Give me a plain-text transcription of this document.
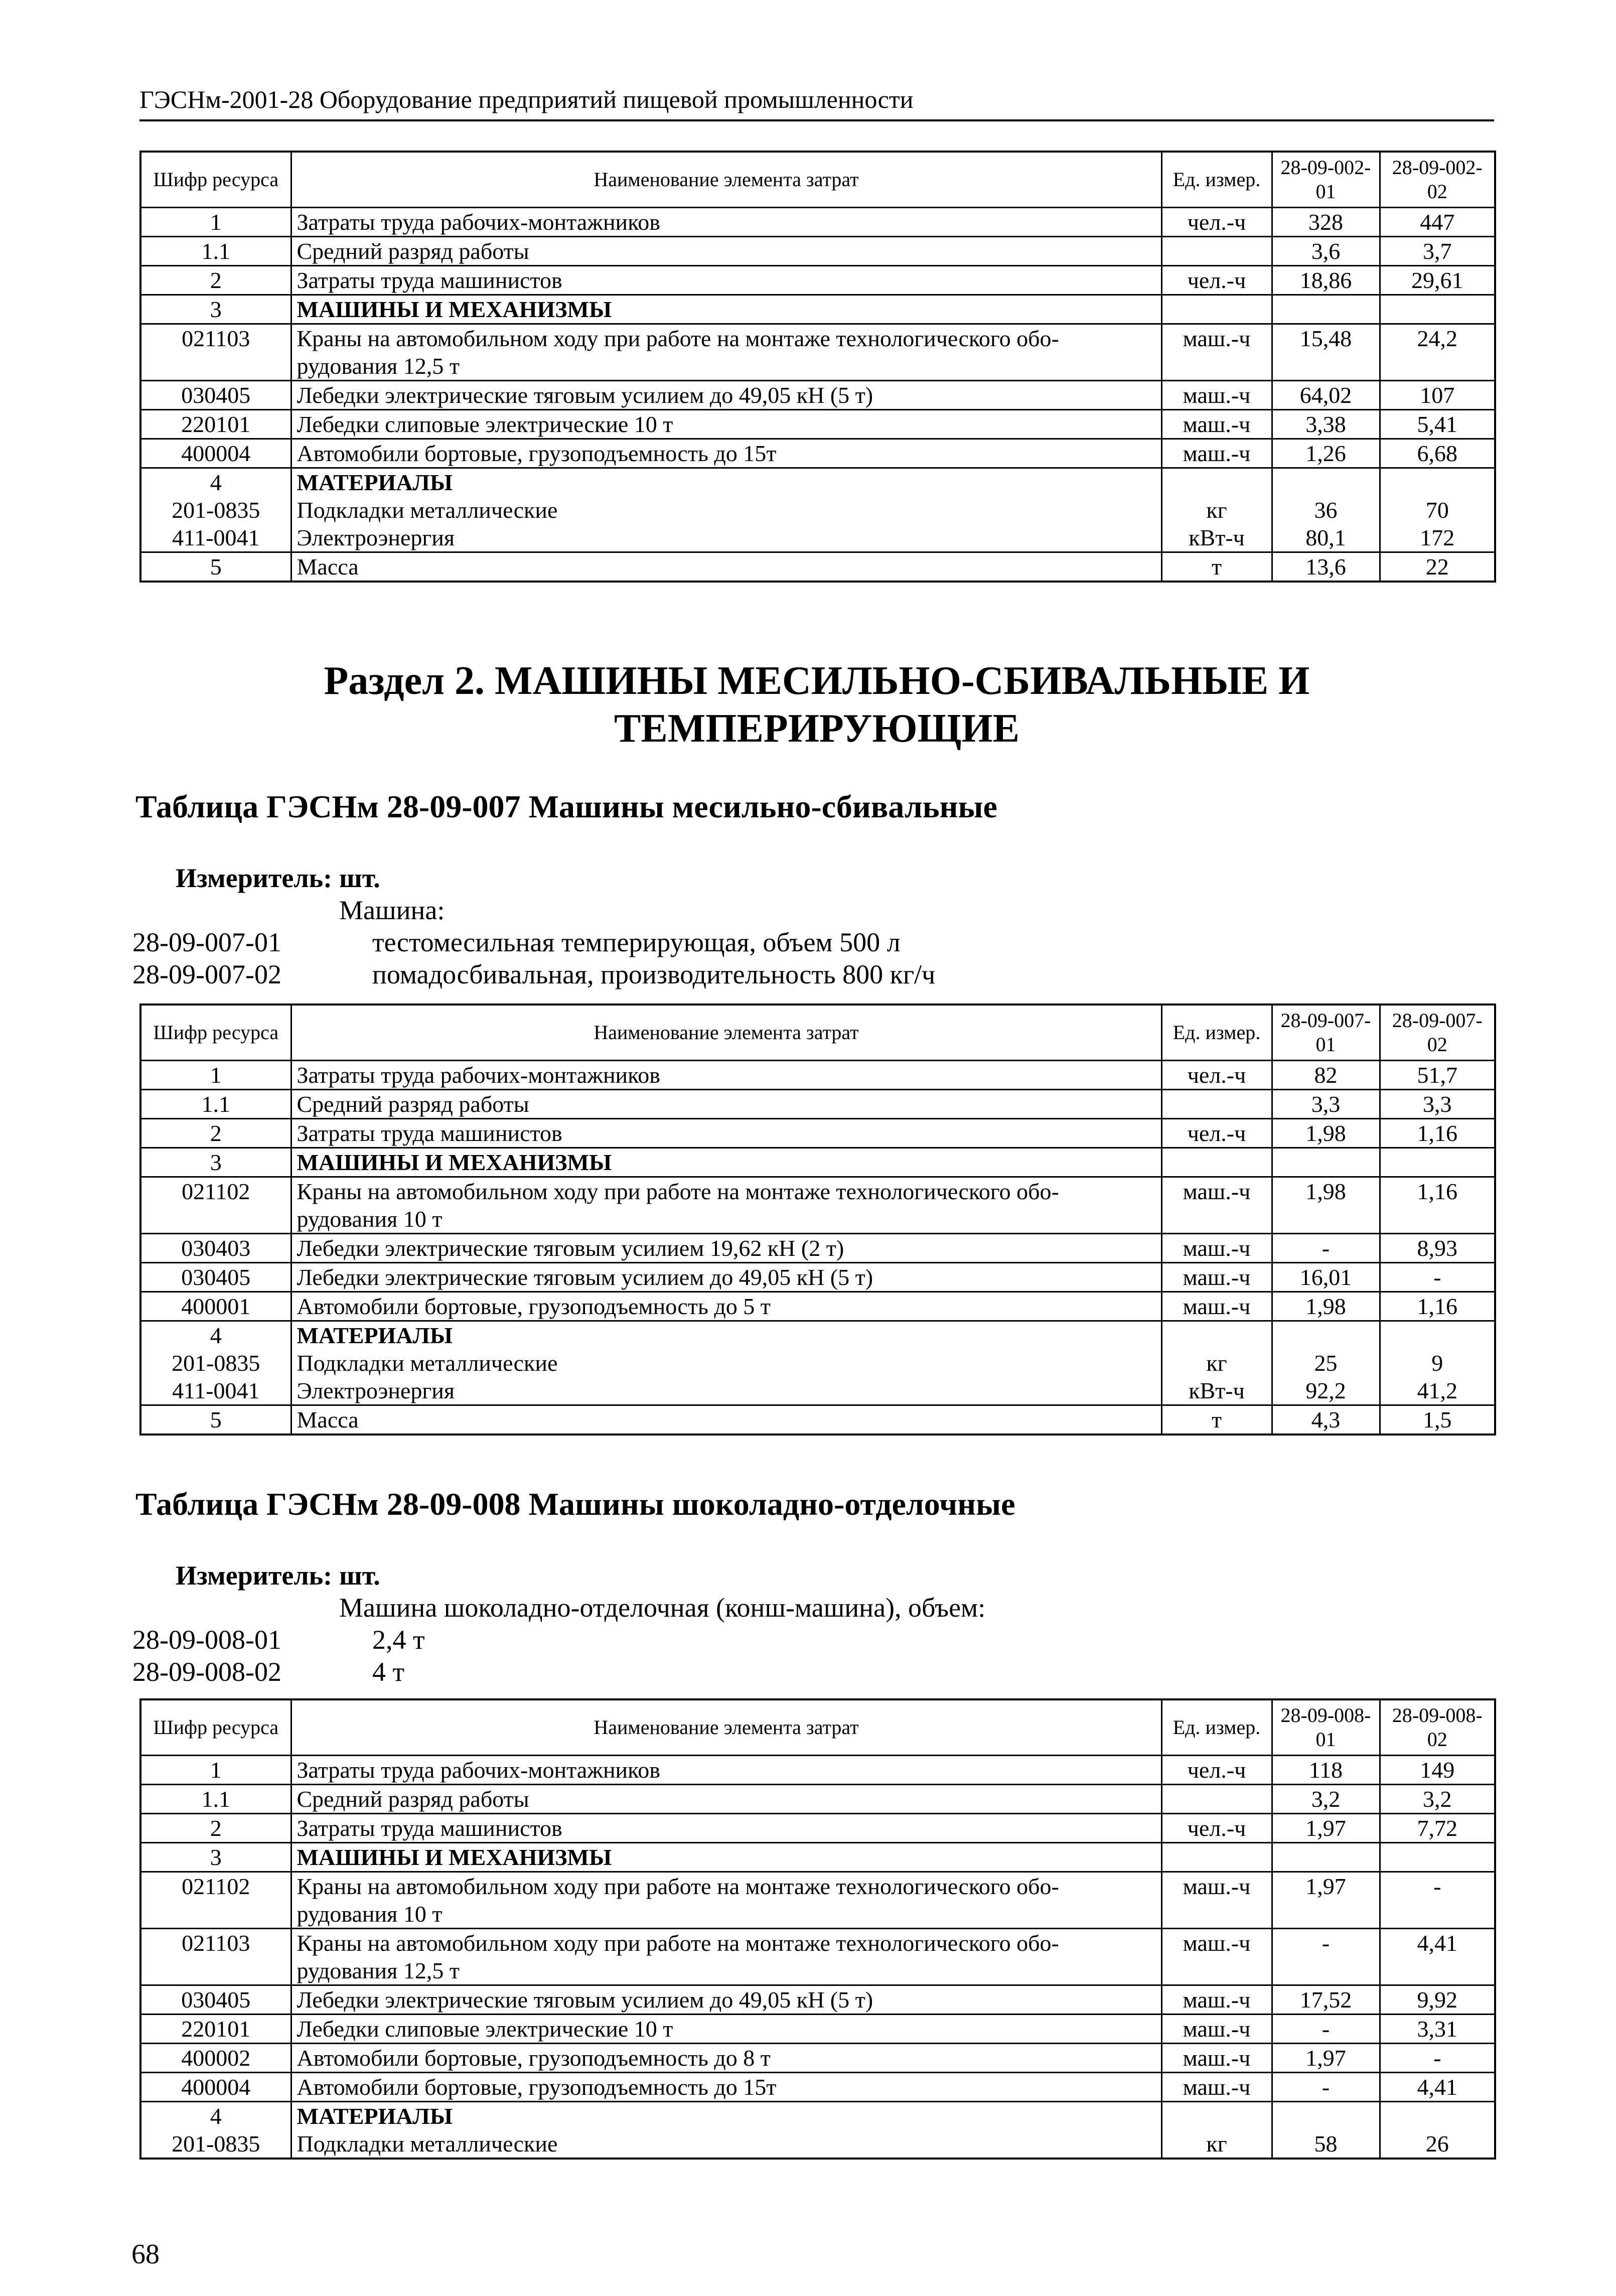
ГЭСНм-2001-28 Оборудование предприятий пищевой промышленности
Шифр ресурса	Наименование элемента затрат	Ед. измер.	28-09-002-01	28-09-002-02
1	Затраты труда рабочих-монтажников	чел.-ч	328	447
1.1	Средний разряд работы		3,6	3,7
2	Затраты труда машинистов	чел.-ч	18,86	29,61
3	МАШИНЫ И МЕХАНИЗМЫ			
021103	Краны на автомобильном ходу при работе на монтаже технологического обо-рудования 12,5 т	маш.-ч	15,48	24,2
030405	Лебедки электрические тяговым усилием до 49,05 кН (5 т)	маш.-ч	64,02	107
220101	Лебедки слиповые электрические 10 т	маш.-ч	3,38	5,41
400004	Автомобили бортовые, грузоподъемность до 15т	маш.-ч	1,26	6,68
4	МАТЕРИАЛЫ			
201-0835	Подкладки металлические	кг	36	70
411-0041	Электроэнергия	кВт-ч	80,1	172
5	Масса	т	13,6	22
Раздел 2. МАШИНЫ МЕСИЛЬНО-СБИВАЛЬНЫЕ И
ТЕМПЕРИРУЮЩИЕ
Таблица ГЭСНм 28-09-007 Машины месильно-сбивальные
Измеритель: шт.
Машина:
28-09-007-01	тестомесильная темперирующая, объем 500 л
28-09-007-02	помадосбивальная, производительность 800 кг/ч
Шифр ресурса	Наименование элемента затрат	Ед. измер.	28-09-007-01	28-09-007-02
1	Затраты труда рабочих-монтажников	чел.-ч	82	51,7
1.1	Средний разряд работы		3,3	3,3
2	Затраты труда машинистов	чел.-ч	1,98	1,16
3	МАШИНЫ И МЕХАНИЗМЫ			
021102	Краны на автомобильном ходу при работе на монтаже технологического обо-рудования 10 т	маш.-ч	1,98	1,16
030403	Лебедки электрические тяговым усилием 19,62 кН (2 т)	маш.-ч	-	8,93
030405	Лебедки электрические тяговым усилием до 49,05 кН (5 т)	маш.-ч	16,01	-
400001	Автомобили бортовые, грузоподъемность до 5 т	маш.-ч	1,98	1,16
4	МАТЕРИАЛЫ			
201-0835	Подкладки металлические	кг	25	9
411-0041	Электроэнергия	кВт-ч	92,2	41,2
5	Масса	т	4,3	1,5
Таблица ГЭСНм 28-09-008 Машины шоколадно-отделочные
Измеритель: шт.
Машина шоколадно-отделочная (конш-машина), объем:
28-09-008-01	2,4 т
28-09-008-02	4 т
Шифр ресурса	Наименование элемента затрат	Ед. измер.	28-09-008-01	28-09-008-02
1	Затраты труда рабочих-монтажников	чел.-ч	118	149
1.1	Средний разряд работы		3,2	3,2
2	Затраты труда машинистов	чел.-ч	1,97	7,72
3	МАШИНЫ И МЕХАНИЗМЫ			
021102	Краны на автомобильном ходу при работе на монтаже технологического обо-рудования 10 т	маш.-ч	1,97	-
021103	Краны на автомобильном ходу при работе на монтаже технологического обо-рудования 12,5 т	маш.-ч	-	4,41
030405	Лебедки электрические тяговым усилием до 49,05 кН (5 т)	маш.-ч	17,52	9,92
220101	Лебедки слиповые электрические 10 т	маш.-ч	-	3,31
400002	Автомобили бортовые, грузоподъемность до 8 т	маш.-ч	1,97	-
400004	Автомобили бортовые, грузоподъемность до 15т	маш.-ч	-	4,41
4	МАТЕРИАЛЫ			
201-0835	Подкладки металлические	кг	58	26
68
